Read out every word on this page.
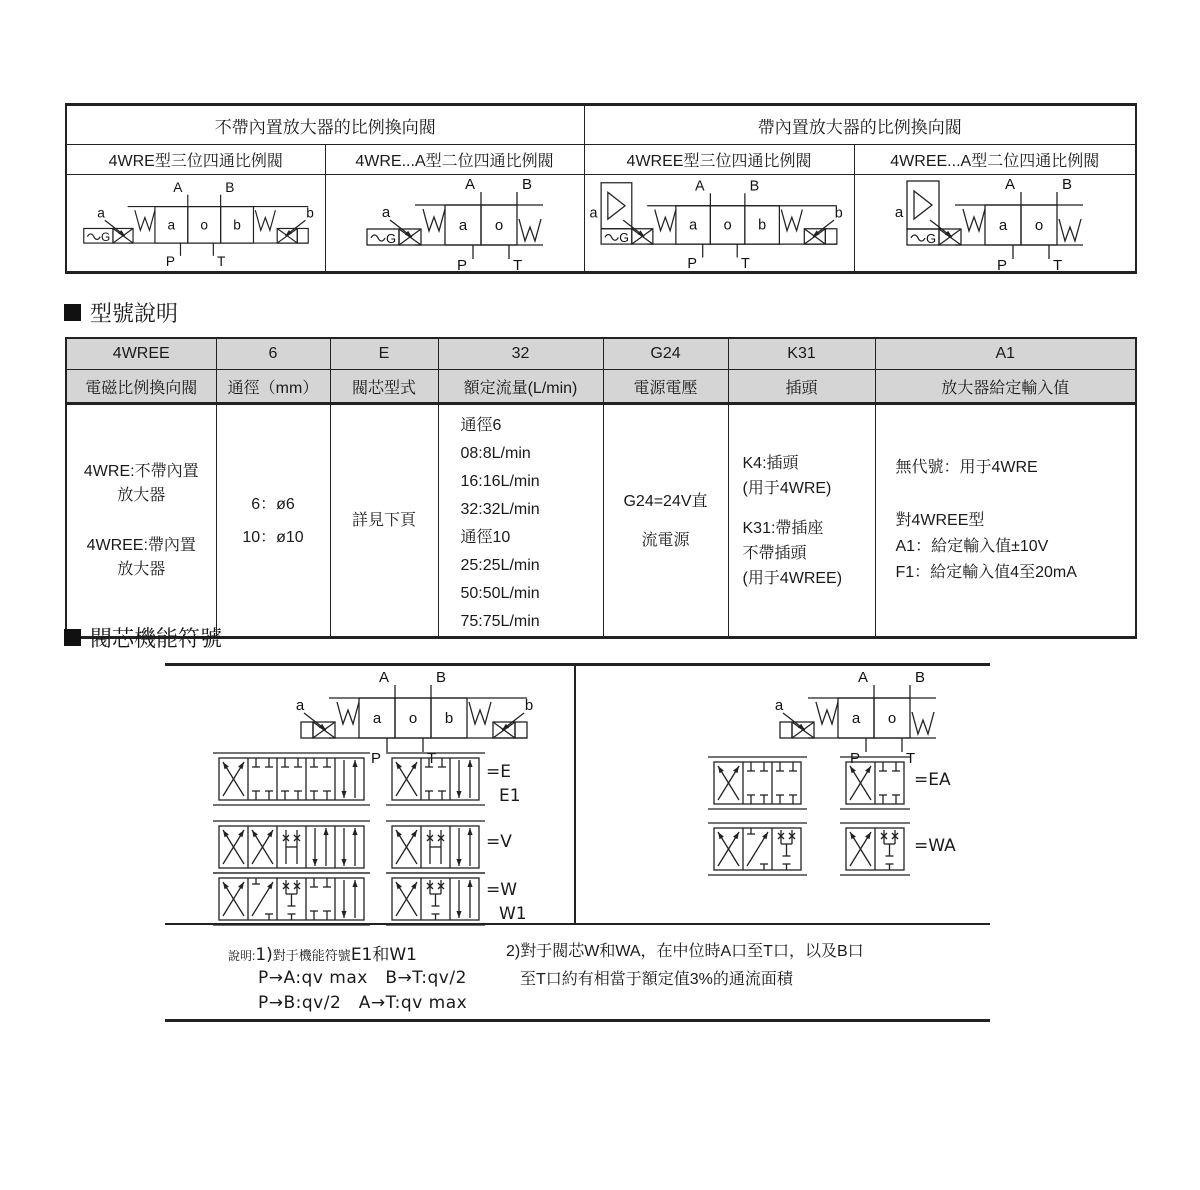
不帶內置放大器的比例換向閥		帶內置放大器的比例換向閥	
4WRE型三位四通比例閥	4WRE...A型二位四通比例閥	4WREE型三位四通比例閥	4WREE...A型二位四通比例閥

G
a
a o b
A	B
P	T
b

G
a
a o
A	B
P	T

G
a
a o b
A	B
P	T
b

G
a
a o
A	B
P	T
型號說明
4WREE	6	E	32	G24	K31	A1
電磁比例換向閥	通徑（mm）	閥芯型式	額定流量(L/min)	電源電壓	插頭	放大器給定輸入值

4WRE:不帶內置
放大器
4WREE:帶內置
放大器

6：ø6
10：ø10

詳見下頁

通徑6
08:8L/min
16:16L/min
32:32L/min
通徑10
25:25L/min
50:50L/min
75:75L/min

G24=24V直
流電源

K4:插頭
(用于4WRE)
K31:帶插座
不帶插頭
(用于4WREE)

無代號：用于4WRE
對4WREE型
A1：給定輸入值±10V
F1：給定輸入值4至20mA
閥芯機能符號
a
a o b
A	B
P	T
b	a
a o
A	B
P	T
=E
E1
=V
=W
W1
=EA
=WA
說明:1)對于機能符號E1和W1
P→A:qv max　B→T:qv/2
P→B:qv/2　A→T:qv max
2)對于閥芯W和WA，在中位時A口至T口，以及B口
至T口約有相當于額定值3%的通流面積
